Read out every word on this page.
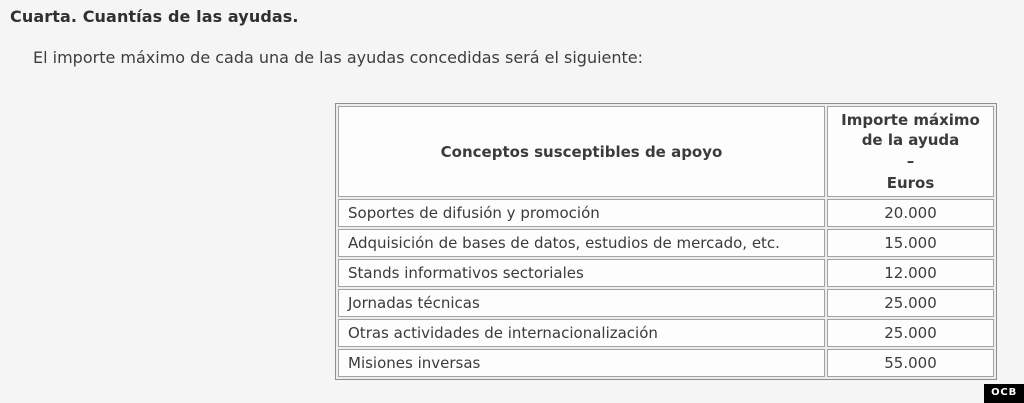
Cuarta. Cuantías de las ayudas.
El importe máximo de cada una de las ayudas concedidas será el siguiente:
Conceptos susceptibles de apoyo	Importe máximo de la ayuda
–
Euros

Soportes de difusión y promoción	20.000
Adquisición de bases de datos, estudios de mercado, etc.	15.000
Stands informativos sectoriales	12.000
Jornadas técnicas	25.000
Otras actividades de internacionalización	25.000
Misiones inversas	55.000
OCB
